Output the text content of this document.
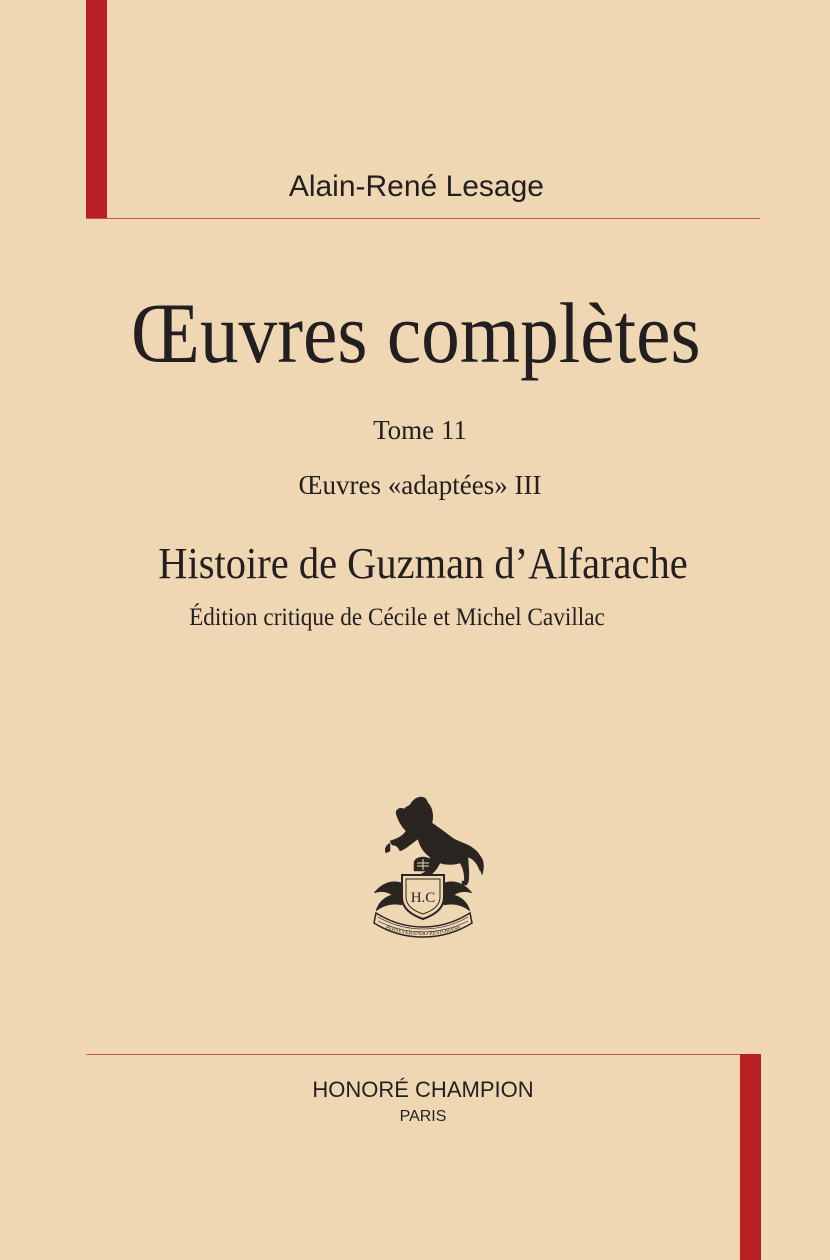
Alain-René Lesage
Œuvres complètes
Tome 11
Œuvres «adaptées» III
Histoire de Guzman d’Alfarache
Édition critique de Cécile et Michel Cavillac
H.C
PERSEVERANDO RESTORANS
HONORÉ CHAMPION
PARIS
